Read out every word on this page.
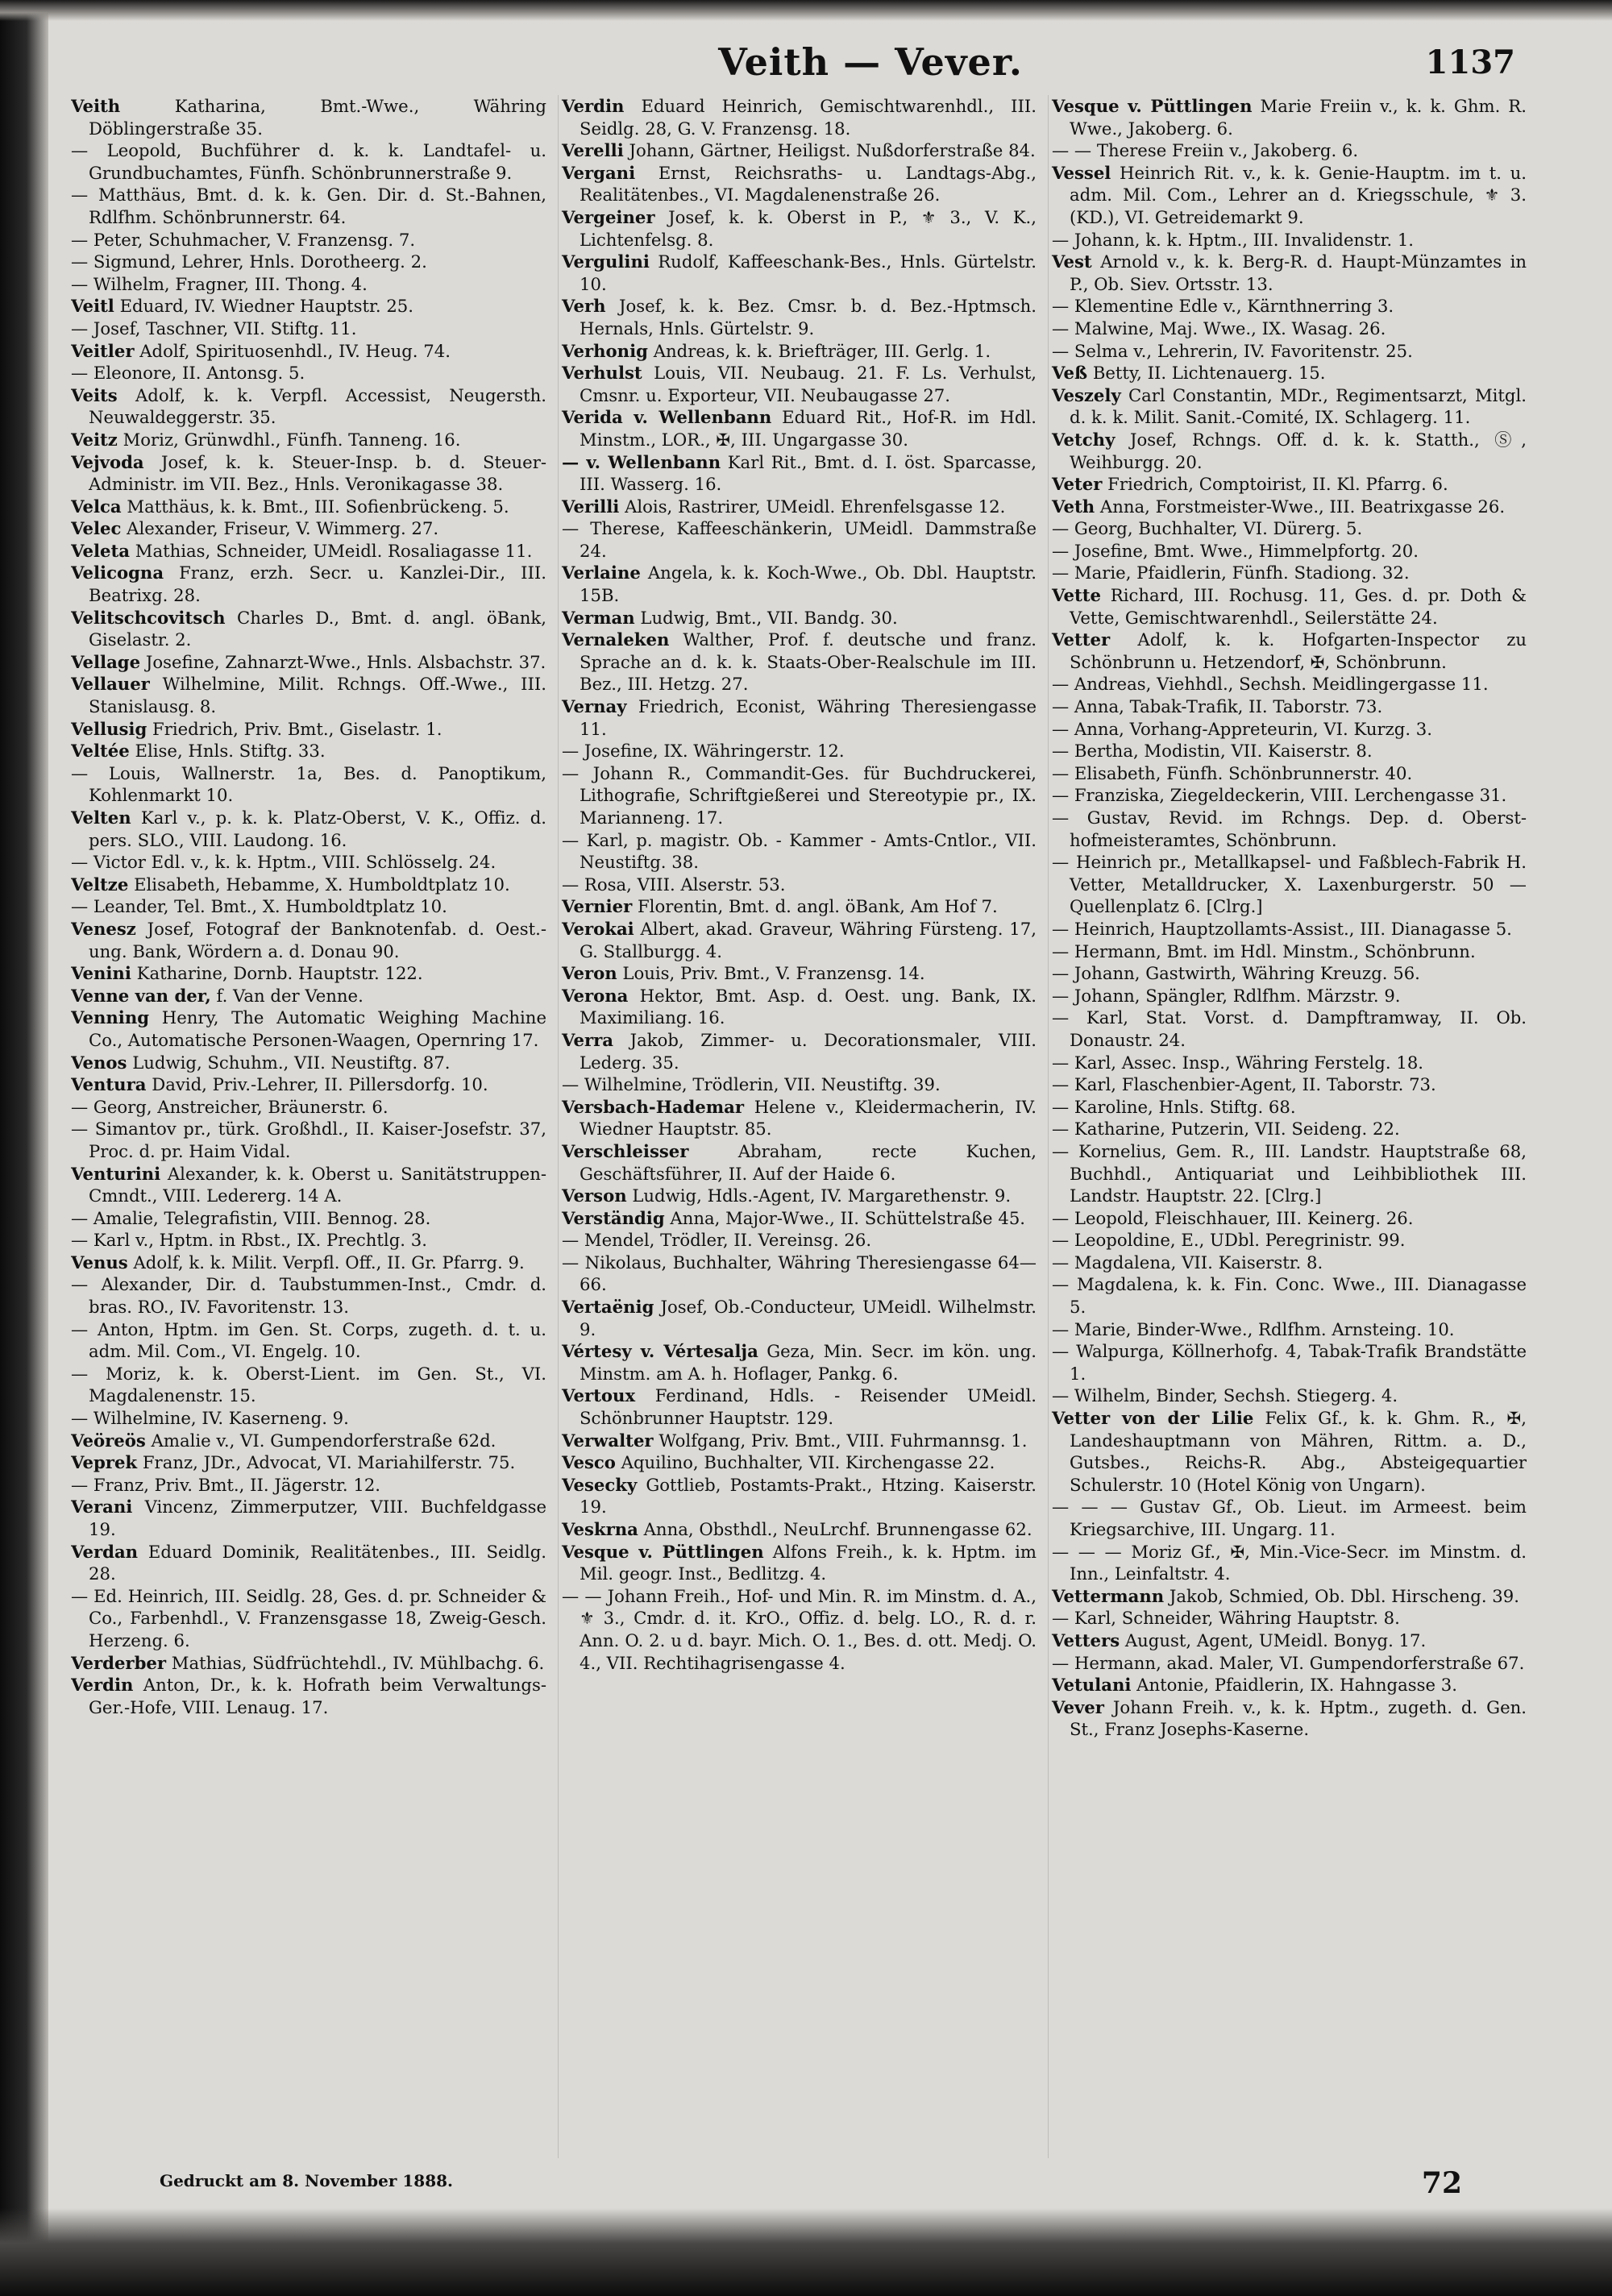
Veith — Vever.	1137

Veith Katharina, Bmt.-Wwe., Währing Döblingerstraße 35.

— Leopold, Buchführer d. k. k. Landtafel- u. Grundbuchamtes, Fünfh. Schönbrunnerstraße 9.

— Matthäus, Bmt. d. k. k. Gen. Dir. d. St.-Bahnen, Rdlfhm. Schönbrunnerstr. 64.

— Peter, Schuhmacher, V. Franzensg. 7.

— Sigmund, Lehrer, Hnls. Dorotheerg. 2.

— Wilhelm, Fragner, III. Thong. 4.

Veitl Eduard, IV. Wiedner Hauptstr. 25.

— Josef, Taschner, VII. Stiftg. 11.

Veitler Adolf, Spirituosenhdl., IV. Heug. 74.

— Eleonore, II. Antonsg. 5.

Veits Adolf, k. k. Verpfl. Accessist, Neugersth. Neuwaldeggerstr. 35.

Veitz Moriz, Grünwdhl., Fünfh. Tanneng. 16.

Vejvoda Josef, k. k. Steuer-Insp. b. d. Steuer-Administr. im VII. Bez., Hnls. Veronikagasse 38.

Velca Matthäus, k. k. Bmt., III. Sofienbrückeng. 5.

Velec Alexander, Friseur, V. Wimmerg. 27.

Veleta Mathias, Schneider, UMeidl. Rosaliagasse 11.

Velicogna Franz, erzh. Secr. u. Kanzlei-Dir., III. Beatrixg. 28.

Velitschcovitsch Charles D., Bmt. d. angl. öBank, Giselastr. 2.

Vellage Josefine, Zahnarzt-Wwe., Hnls. Alsbachstr. 37.

Vellauer Wilhelmine, Milit. Rchngs. Off.-Wwe., III. Stanislausg. 8.

Vellusig Friedrich, Priv. Bmt., Giselastr. 1.

Veltée Elise, Hnls. Stiftg. 33.

— Louis, Wallnerstr. 1a, Bes. d. Panoptikum, Kohlenmarkt 10.

Velten Karl v., p. k. k. Platz-Oberst, V. K., Offiz. d. pers. SLO., VIII. Laudong. 16.

— Victor Edl. v., k. k. Hptm., VIII. Schlösselg. 24.

Veltze Elisabeth, Hebamme, X. Humboldtplatz 10.

— Leander, Tel. Bmt., X. Humboldtplatz 10.

Venesz Josef, Fotograf der Banknotenfab. d. Oest.-ung. Bank, Wördern a. d. Donau 90.

Venini Katharine, Dornb. Hauptstr. 122.

Venne van der, f. Van der Venne.

Venning Henry, The Automatic Weighing Machine Co., Automatische Personen-Waagen, Opernring 17.

Venos Ludwig, Schuhm., VII. Neustiftg. 87.

Ventura David, Priv.-Lehrer, II. Pillersdorfg. 10.

— Georg, Anstreicher, Bräunerstr. 6.

— Simantov pr., türk. Großhdl., II. Kaiser-Josefstr. 37, Proc. d. pr. Haim Vidal.

Venturini Alexander, k. k. Oberst u. Sanitätstruppen-Cmndt., VIII. Ledererg. 14 A.

— Amalie, Telegrafistin, VIII. Bennog. 28.

— Karl v., Hptm. in Rbst., IX. Prechtlg. 3.

Venus Adolf, k. k. Milit. Verpfl. Off., II. Gr. Pfarrg. 9.

— Alexander, Dir. d. Taubstummen-Inst., Cmdr. d. bras. RO., IV. Favoritenstr. 13.

— Anton, Hptm. im Gen. St. Corps, zugeth. d. t. u. adm. Mil. Com., VI. Engelg. 10.

— Moriz, k. k. Oberst-Lient. im Gen. St., VI. Magdalenenstr. 15.

— Wilhelmine, IV. Kaserneng. 9.

Veöreös Amalie v., VI. Gumpendorferstraße 62d.

Veprek Franz, JDr., Advocat, VI. Mariahilferstr. 75.

— Franz, Priv. Bmt., II. Jägerstr. 12.

Verani Vincenz, Zimmerputzer, VIII. Buchfeldgasse 19.

Verdan Eduard Dominik, Realitätenbes., III. Seidlg. 28.

— Ed. Heinrich, III. Seidlg. 28, Ges. d. pr. Schneider & Co., Farbenhdl., V. Franzensgasse 18, Zweig-Gesch. Herzeng. 6.

Verderber Mathias, Südfrüchtehdl., IV. Mühlbachg. 6.

Verdin Anton, Dr., k. k. Hofrath beim Verwaltungs-Ger.-Hofe, VIII. Lenaug. 17.

Verdin Eduard Heinrich, Gemischtwarenhdl., III. Seidlg. 28, G. V. Franzensg. 18.

Verelli Johann, Gärtner, Heiligst. Nußdorferstraße 84.

Vergani Ernst, Reichsraths- u. Landtags-Abg., Realitätenbes., VI. Magdalenenstraße 26.

Vergeiner Josef, k. k. Oberst in P., ⚜ 3., V. K., Lichtenfelsg. 8.

Vergulini Rudolf, Kaffeeschank-Bes., Hnls. Gürtelstr. 10.

Verh Josef, k. k. Bez. Cmsr. b. d. Bez.-Hptmsch. Hernals, Hnls. Gürtelstr. 9.

Verhonig Andreas, k. k. Briefträger, III. Gerlg. 1.

Verhulst Louis, VII. Neubaug. 21. F. Ls. Verhulst, Cmsnr. u. Exporteur, VII. Neubaugasse 27.

Verida v. Wellenbann Eduard Rit., Hof-R. im Hdl. Minstm., LOR., ✠, III. Ungargasse 30.

— v. Wellenbann Karl Rit., Bmt. d. I. öst. Sparcasse, III. Wasserg. 16.

Verilli Alois, Rastrirer, UMeidl. Ehrenfelsgasse 12.

— Therese, Kaffeeschänkerin, UMeidl. Dammstraße 24.

Verlaine Angela, k. k. Koch-Wwe., Ob. Dbl. Hauptstr. 15B.

Verman Ludwig, Bmt., VII. Bandg. 30.

Vernaleken Walther, Prof. f. deutsche und franz. Sprache an d. k. k. Staats-Ober-Realschule im III. Bez., III. Hetzg. 27.

Vernay Friedrich, Econist, Währing Theresiengasse 11.

— Josefine, IX. Währingerstr. 12.

— Johann R., Commandit-Ges. für Buchdruckerei, Lithografie, Schriftgießerei und Stereotypie pr., IX. Marianneng. 17.

— Karl, p. magistr. Ob. - Kammer - Amts-Cntlor., VII. Neustiftg. 38.

— Rosa, VIII. Alserstr. 53.

Vernier Florentin, Bmt. d. angl. öBank, Am Hof 7.

Verokai Albert, akad. Graveur, Währing Fürsteng. 17, G. Stallburgg. 4.

Veron Louis, Priv. Bmt., V. Franzensg. 14.

Verona Hektor, Bmt. Asp. d. Oest. ung. Bank, IX. Maximiliang. 16.

Verra Jakob, Zimmer- u. Decorationsmaler, VIII. Lederg. 35.

— Wilhelmine, Trödlerin, VII. Neustiftg. 39.

Versbach-Hademar Helene v., Kleidermacherin, IV. Wiedner Hauptstr. 85.

Verschleisser Abraham, recte Kuchen, Geschäftsführer, II. Auf der Haide 6.

Verson Ludwig, Hdls.-Agent, IV. Margarethenstr. 9.

Verständig Anna, Major-Wwe., II. Schüttelstraße 45.

— Mendel, Trödler, II. Vereinsg. 26.

— Nikolaus, Buchhalter, Währing Theresiengasse 64—66.

Vertaënig Josef, Ob.-Conducteur, UMeidl. Wilhelmstr. 9.

Vértesy v. Vértesalja Geza, Min. Secr. im kön. ung. Minstm. am A. h. Hoflager, Pankg. 6.

Vertoux Ferdinand, Hdls. - Reisender UMeidl. Schönbrunner Hauptstr. 129.

Verwalter Wolfgang, Priv. Bmt., VIII. Fuhrmannsg. 1.

Vesco Aquilino, Buchhalter, VII. Kirchengasse 22.

Vesecky Gottlieb, Postamts-Prakt., Htzing. Kaiserstr. 19.

Veskrna Anna, Obsthdl., NeuLrchf. Brunnengasse 62.

Vesque v. Püttlingen Alfons Freih., k. k. Hptm. im Mil. geogr. Inst., Bedlitzg. 4.

— — Johann Freih., Hof- und Min. R. im Minstm. d. A., ⚜ 3., Cmdr. d. it. KrO., Offiz. d. belg. LO., R. d. r. Ann. O. 2. u d. bayr. Mich. O. 1., Bes. d. ott. Medj. O. 4., VII. Rechtihagrisengasse 4.

Vesque v. Püttlingen Marie Freiin v., k. k. Ghm. R. Wwe., Jakoberg. 6.

— — Therese Freiin v., Jakoberg. 6.

Vessel Heinrich Rit. v., k. k. Genie-Hauptm. im t. u. adm. Mil. Com., Lehrer an d. Kriegsschule, ⚜ 3. (KD.), VI. Getreidemarkt 9.

— Johann, k. k. Hptm., III. Invalidenstr. 1.

Vest Arnold v., k. k. Berg-R. d. Haupt-Münzamtes in P., Ob. Siev. Ortsstr. 13.

— Klementine Edle v., Kärnthnerring 3.

— Malwine, Maj. Wwe., IX. Wasag. 26.

— Selma v., Lehrerin, IV. Favoritenstr. 25.

Veß Betty, II. Lichtenauerg. 15.

Veszely Carl Constantin, MDr., Regimentsarzt, Mitgl. d. k. k. Milit. Sanit.-Comité, IX. Schlagerg. 11.

Vetchy Josef, Rchngs. Off. d. k. k. Statth., Ⓢ, Weihburgg. 20.

Veter Friedrich, Comptoirist, II. Kl. Pfarrg. 6.

Veth Anna, Forstmeister-Wwe., III. Beatrixgasse 26.

— Georg, Buchhalter, VI. Dürerg. 5.

— Josefine, Bmt. Wwe., Himmelpfortg. 20.

— Marie, Pfaidlerin, Fünfh. Stadiong. 32.

Vette Richard, III. Rochusg. 11, Ges. d. pr. Doth & Vette, Gemischtwarenhdl., Seilerstätte 24.

Vetter Adolf, k. k. Hofgarten-Inspector zu Schönbrunn u. Hetzendorf, ✠, Schönbrunn.

— Andreas, Viehhdl., Sechsh. Meidlingergasse 11.

— Anna, Tabak-Trafik, II. Taborstr. 73.

— Anna, Vorhang-Appreteurin, VI. Kurzg. 3.

— Bertha, Modistin, VII. Kaiserstr. 8.

— Elisabeth, Fünfh. Schönbrunnerstr. 40.

— Franziska, Ziegeldeckerin, VIII. Lerchengasse 31.

— Gustav, Revid. im Rchngs. Dep. d. Oberst-hofmeisteramtes, Schönbrunn.

— Heinrich pr., Metallkapsel- und Faßblech-Fabrik H. Vetter, Metalldrucker, X. Laxenburgerstr. 50 — Quellenplatz 6. [Clrg.]

— Heinrich, Hauptzollamts-Assist., III. Dianagasse 5.

— Hermann, Bmt. im Hdl. Minstm., Schönbrunn.

— Johann, Gastwirth, Währing Kreuzg. 56.

— Johann, Spängler, Rdlfhm. Märzstr. 9.

— Karl, Stat. Vorst. d. Dampftramway, II. Ob. Donaustr. 24.

— Karl, Assec. Insp., Währing Ferstelg. 18.

— Karl, Flaschenbier-Agent, II. Taborstr. 73.

— Karoline, Hnls. Stiftg. 68.

— Katharine, Putzerin, VII. Seideng. 22.

— Kornelius, Gem. R., III. Landstr. Hauptstraße 68, Buchhdl., Antiquariat und Leihbibliothek III. Landstr. Hauptstr. 22. [Clrg.]

— Leopold, Fleischhauer, III. Keinerg. 26.

— Leopoldine, E., UDbl. Peregrinistr. 99.

— Magdalena, VII. Kaiserstr. 8.

— Magdalena, k. k. Fin. Conc. Wwe., III. Dianagasse 5.

— Marie, Binder-Wwe., Rdlfhm. Arnsteing. 10.

— Walpurga, Köllnerhofg. 4, Tabak-Trafik Brandstätte 1.

— Wilhelm, Binder, Sechsh. Stiegerg. 4.

Vetter von der Lilie Felix Gf., k. k. Ghm. R., ✠, Landeshauptmann von Mähren, Rittm. a. D., Gutsbes., Reichs-R. Abg., Absteigequartier Schulerstr. 10 (Hotel König von Ungarn).

— — — Gustav Gf., Ob. Lieut. im Armeest. beim Kriegsarchive, III. Ungarg. 11.

— — — Moriz Gf., ✠, Min.-Vice-Secr. im Minstm. d. Inn., Leinfaltstr. 4.

Vettermann Jakob, Schmied, Ob. Dbl. Hirscheng. 39.

— Karl, Schneider, Währing Hauptstr. 8.

Vetters August, Agent, UMeidl. Bonyg. 17.

— Hermann, akad. Maler, VI. Gumpendorferstraße 67.

Vetulani Antonie, Pfaidlerin, IX. Hahngasse 3.

Vever Johann Freih. v., k. k. Hptm., zugeth. d. Gen. St., Franz Josephs-Kaserne.

Gedruckt am 8. November 1888.	72
